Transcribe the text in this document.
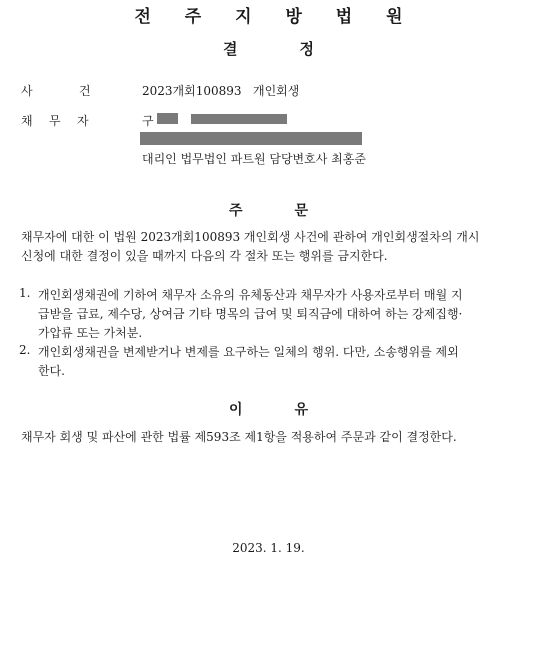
전 주 지 방 법 원
결	정
사	건	2023개회100893 개인회생
채 무 자	구
대리인 법무법인 파트원 담당변호사 최홍준
주	문
채무자에 대한 이 법원 2023개회100893 개인회생 사건에 관하여 개인회생절차의 개시
신청에 대한 결정이 있을 때까지 다음의 각 절차 또는 행위를 금지한다.
1. 개인회생채권에 기하여 채무자 소유의 유체동산과 채무자가 사용자로부터 매월 지
급받을 급료, 제수당, 상여금 기타 명목의 급여 및 퇴직금에 대하여 하는 강제집행·
가압류 또는 가처분.
2. 개인회생채권을 변제받거나 변제를 요구하는 일체의 행위. 다만, 소송행위를 제외
한다.
이	유
채무자 회생 및 파산에 관한 법률 제593조 제1항을 적용하여 주문과 같이 결정한다.
2023. 1. 19.
